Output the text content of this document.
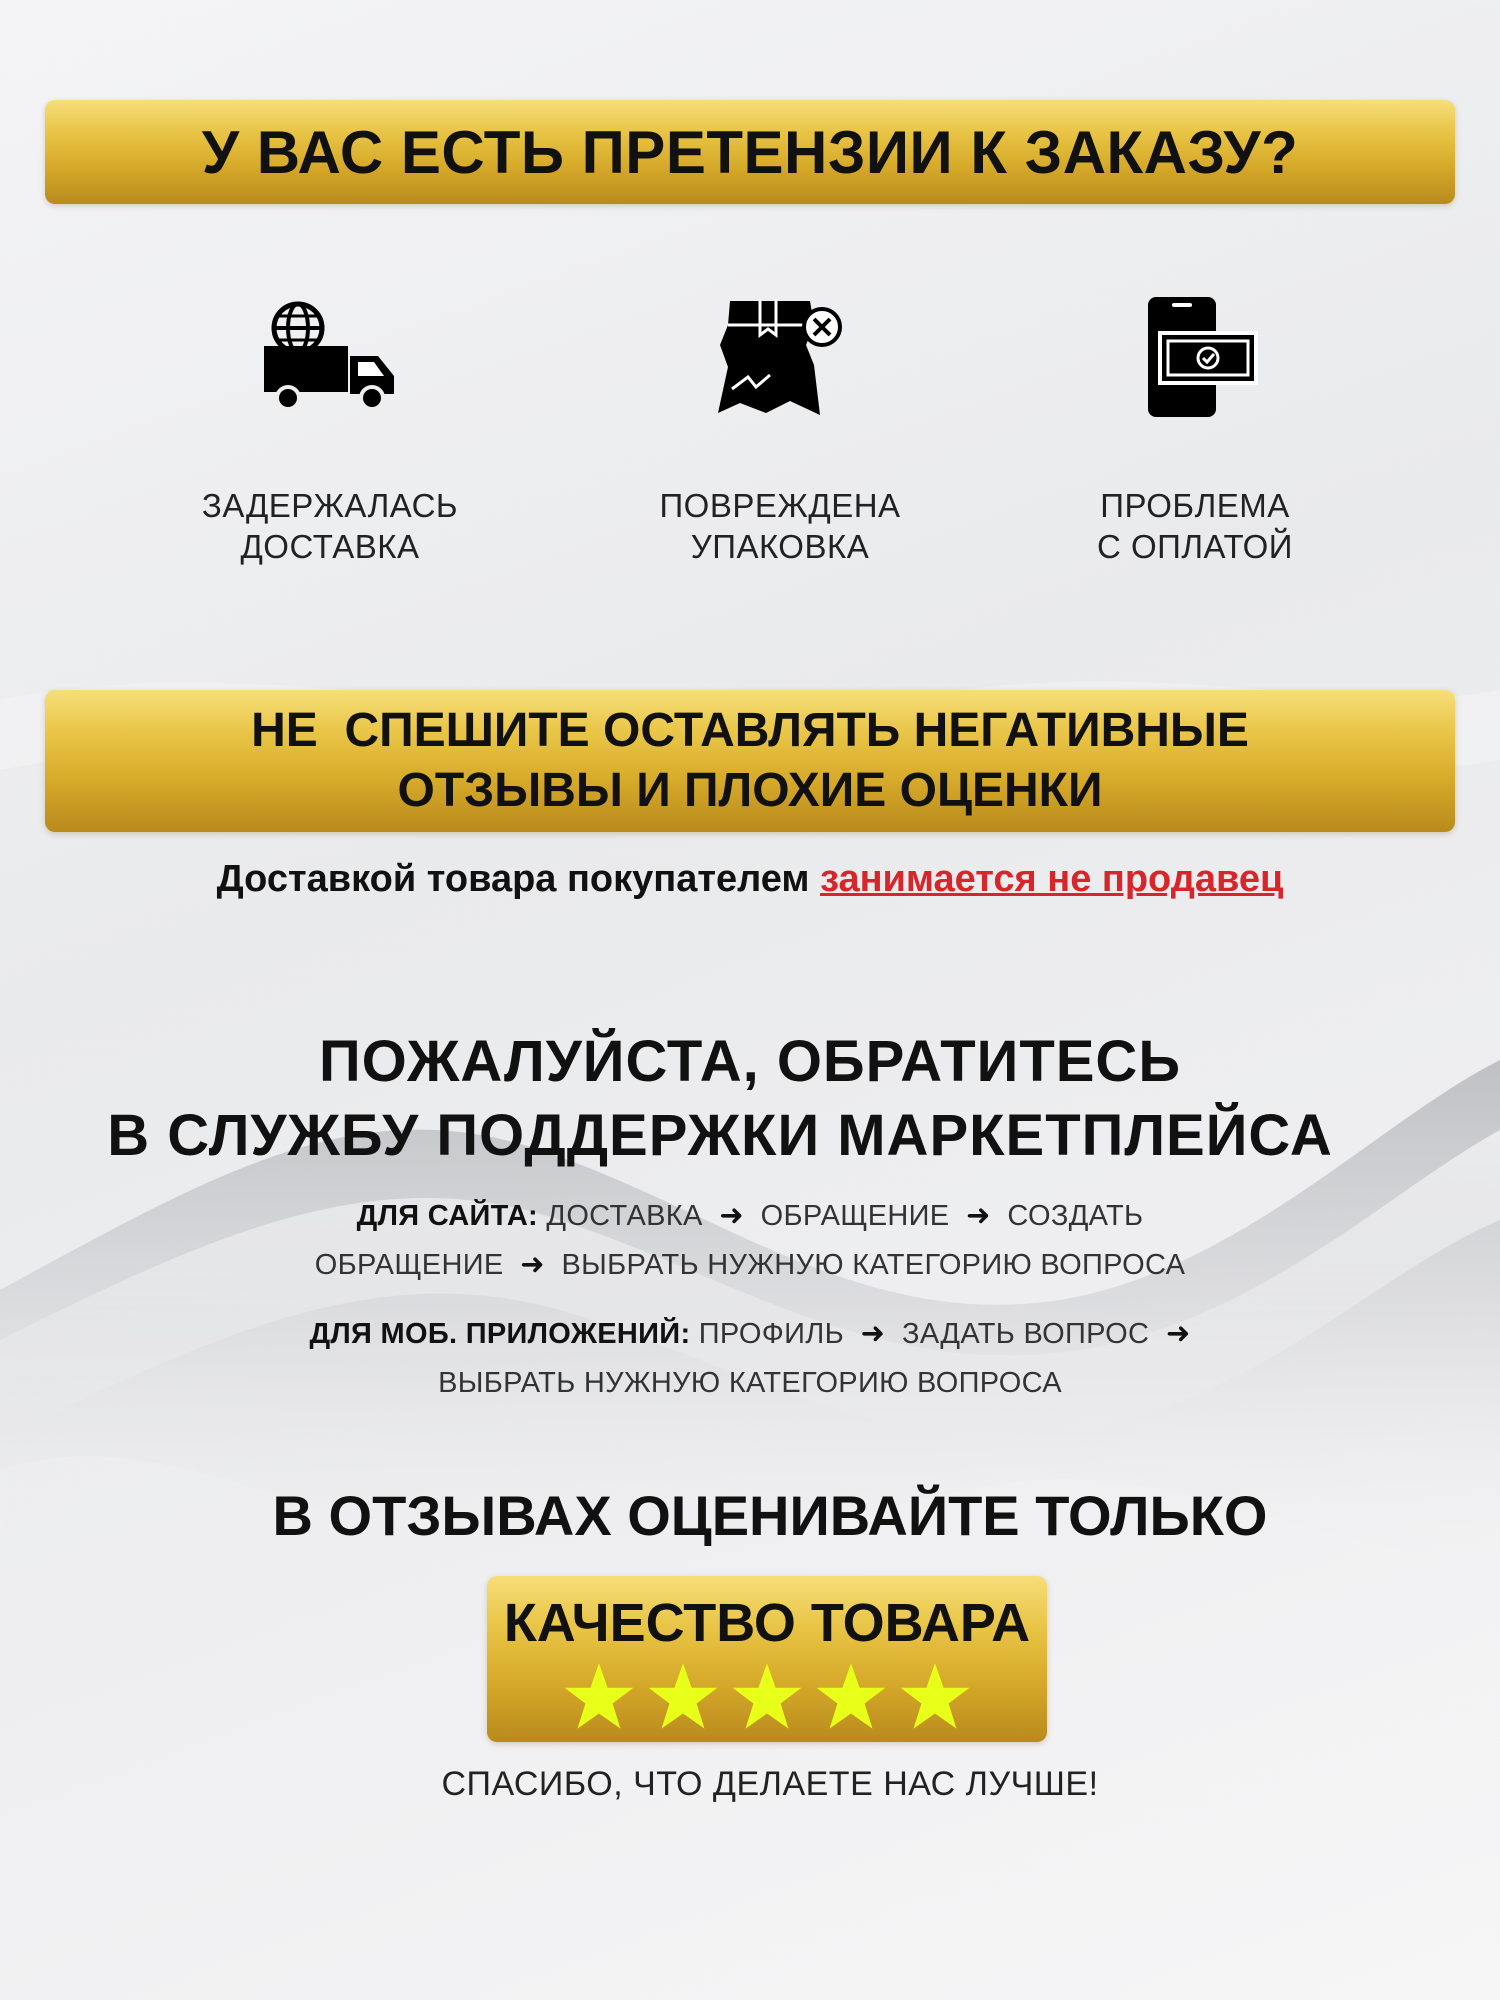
У ВАС ЕСТЬ ПРЕТЕНЗИИ К ЗАКАЗУ?
ЗАДЕРЖАЛАСЬ
ДОСТАВКА
ПОВРЕЖДЕНА
УПАКОВКА
ПРОБЛЕМА
С ОПЛАТОЙ
НЕ  СПЕШИТЕ ОСТАВЛЯТЬ НЕГАТИВНЫЕ
ОТЗЫВЫ И ПЛОХИЕ ОЦЕНКИ
Доставкой товара покупателем занимается не продавец
ПОЖАЛУЙСТА, ОБРАТИТЕСЬ
В СЛУЖБУ ПОДДЕРЖКИ МАРКЕТПЛЕЙСА
ДЛЯ САЙТА: ДОСТАВКА  ➜  ОБРАЩЕНИЕ  ➜  СОЗДАТЬ
ОБРАЩЕНИЕ  ➜  ВЫБРАТЬ НУЖНУЮ КАТЕГОРИЮ ВОПРОСА
ДЛЯ МОБ. ПРИЛОЖЕНИЙ: ПРОФИЛЬ  ➜  ЗАДАТЬ ВОПРОС  ➜
ВЫБРАТЬ НУЖНУЮ КАТЕГОРИЮ ВОПРОСА
В ОТЗЫВАХ ОЦЕНИВАЙТЕ ТОЛЬКО
КАЧЕСТВО ТОВАРА
СПАСИБО, ЧТО ДЕЛАЕТЕ НАС ЛУЧШЕ!
